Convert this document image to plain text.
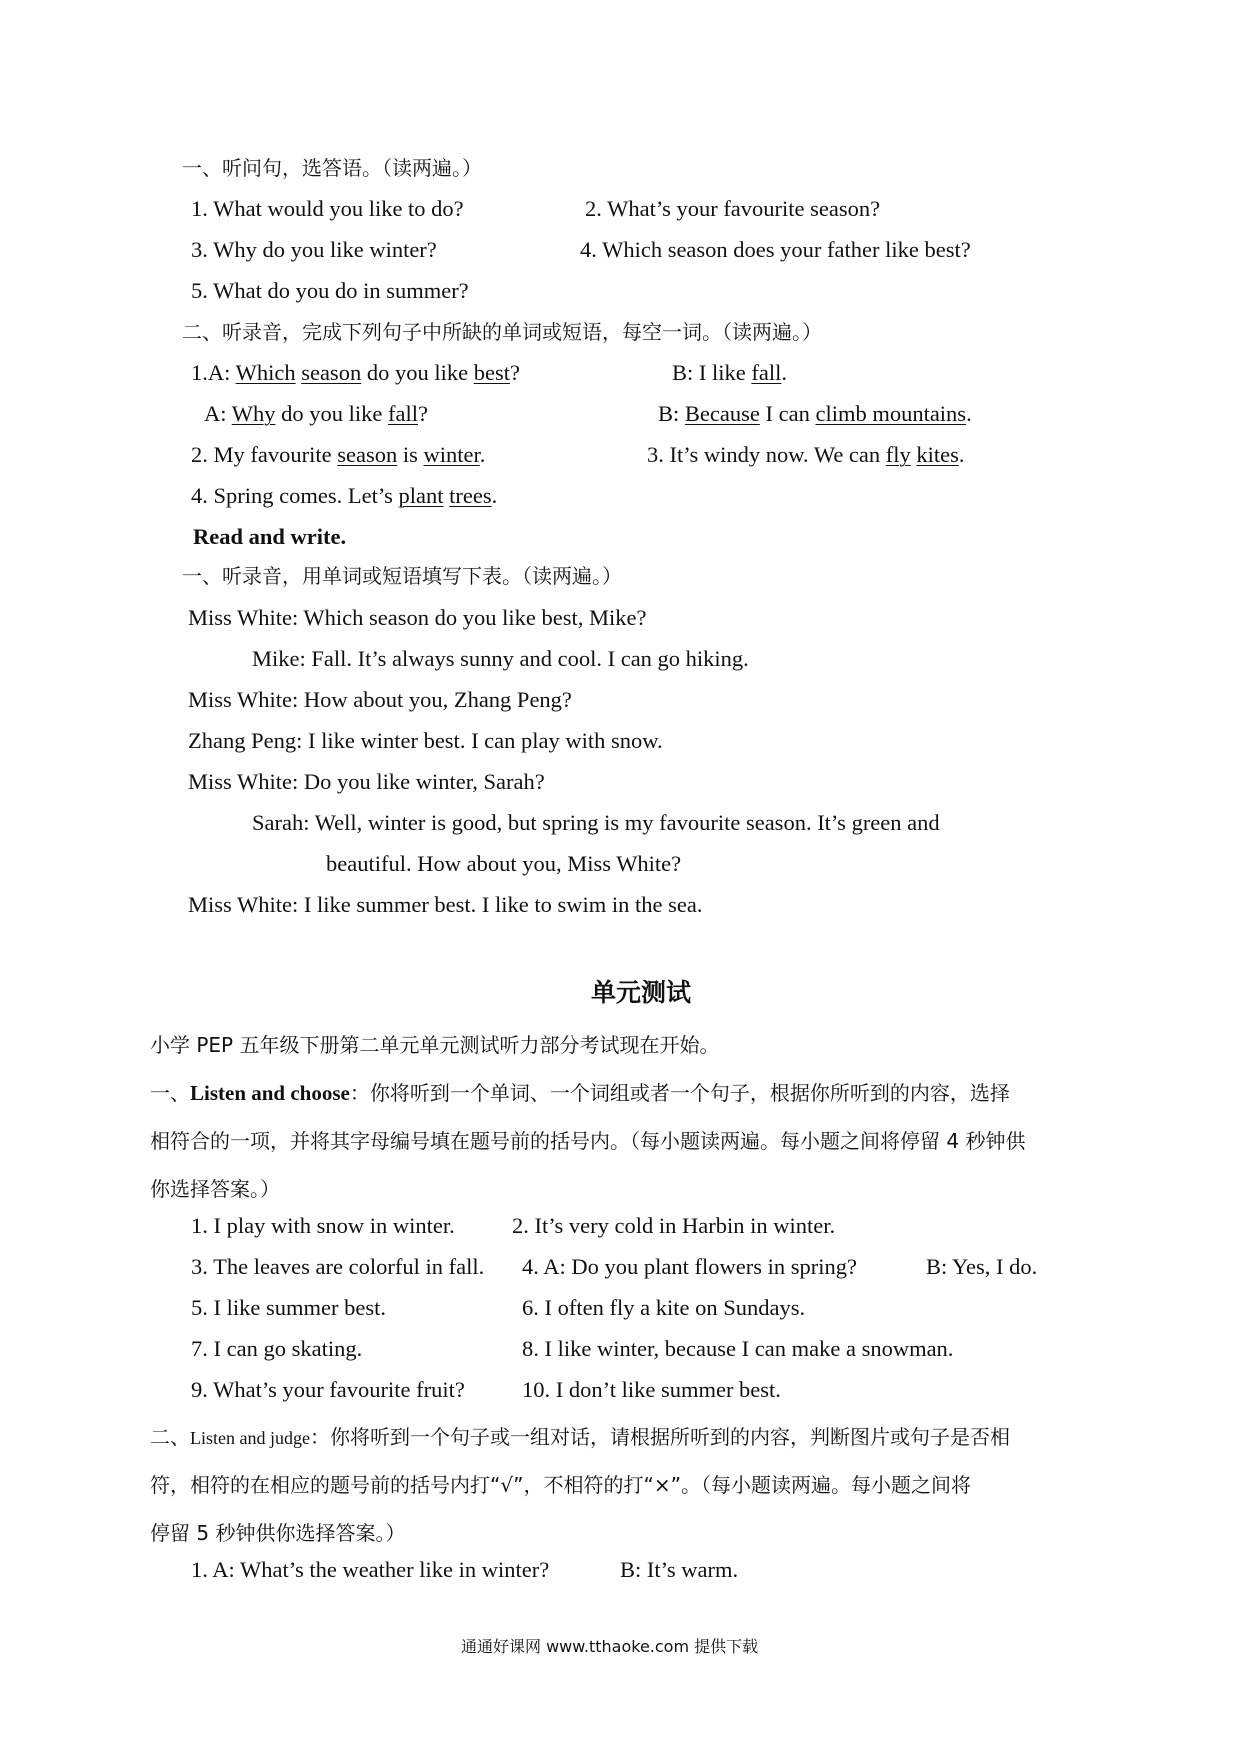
一、听问句，选答语。（读两遍。）
1. What would you like to do?	2. What’s your favourite season?
3. Why do you like winter?	4. Which season does your father like best?
5. What do you do in summer?
二、听录音，完成下列句子中所缺的单词或短语，每空一词。（读两遍。）
1.A: Which season do you like best?	B: I like fall.
A: Why do you like fall?	B: Because I can climb mountains.
2. My favourite season is winter.	3. It’s windy now. We can fly kites.
4. Spring comes. Let’s plant trees.
Read and write.
一、听录音，用单词或短语填写下表。（读两遍。）
Miss White: Which season do you like best, Mike?
Mike: Fall. It’s always sunny and cool. I can go hiking.
Miss White: How about you, Zhang Peng?
Zhang Peng: I like winter best. I can play with snow.
Miss White: Do you like winter, Sarah?
Sarah: Well, winter is good, but spring is my favourite season. It’s green and
beautiful. How about you, Miss White?
Miss White: I like summer best. I like to swim in the sea.
单元测试
小学 PEP 五年级下册第二单元单元测试听力部分考试现在开始。
一、Listen and choose：你将听到一个单词、一个词组或者一个句子，根据你所听到的内容，选择
相符合的一项，并将其字母编号填在题号前的括号内。（每小题读两遍。每小题之间将停留 4 秒钟供
你选择答案。）
1. I play with snow in winter.	2. It’s very cold in Harbin in winter.
3. The leaves are colorful in fall. 4. A: Do you plant flowers in spring?	B: Yes, I do.
5. I like summer best.	6. I often fly a kite on Sundays.
7. I can go skating.	8. I like winter, because I can make a snowman.
9. What’s your favourite fruit?	10. I don’t like summer best.
二、Listen and judge：你将听到一个句子或一组对话，请根据所听到的内容，判断图片或句子是否相
符，相符的在相应的题号前的括号内打“√”，不相符的打“×”。（每小题读两遍。每小题之间将
停留 5 秒钟供你选择答案。）
1. A: What’s the weather like in winter?	B: It’s warm.
通通好课网 www.tthaoke.com 提供下载
